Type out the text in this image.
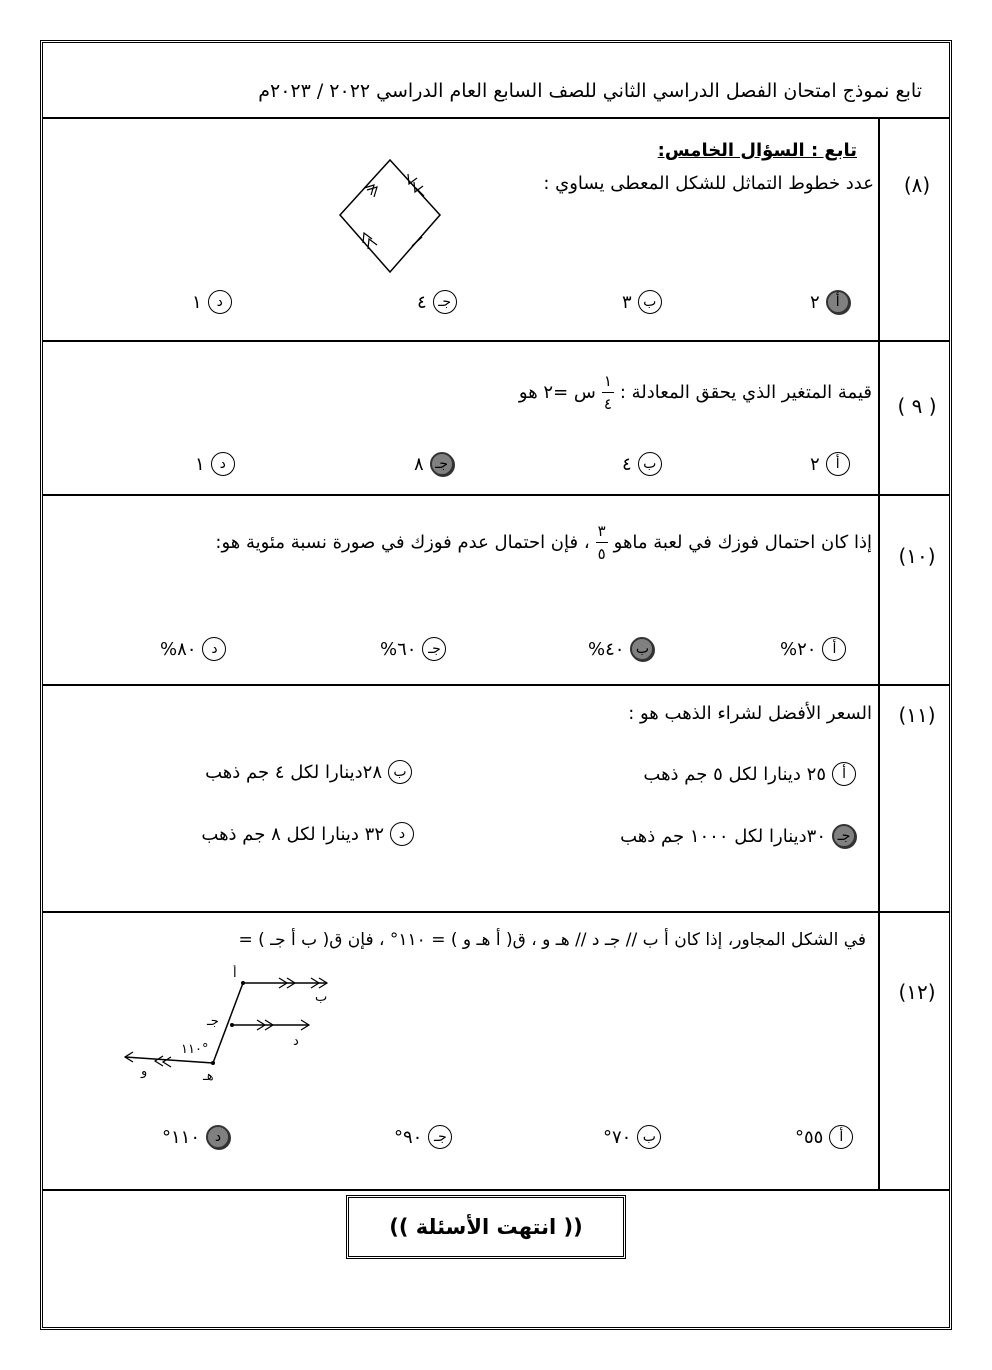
تابع نموذج امتحان الفصل الدراسي الثاني للصف السابع العام الدراسي ٢٠٢٢ / ٢٠٢٣م
تابع : السؤال الخامس:
(٨)
عدد خطوط التماثل للشكل المعطى يساوي :
أ
٢
ب
٣
جـ
٤
د
١
( ٩ )
قيمة المتغير الذي يحقق المعادلة :
$\frac{١}{٤}$
س =٢ هو
أ
٢
ب
٤
جـ
٨
د
١
(١٠)
إذا كان احتمال فوزك في لعبة ماهو
$\frac{٣}{٥}$
، فإن احتمال عدم فوزك في صورة نسبة مئوية هو:
أ
٢٠%
ب
٤٠%
جـ
٦٠%
د
٨٠%
(١١)
السعر الأفضل لشراء الذهب هو :
أ
٢٥ دينارا لكل ٥ جم ذهب
ب
٢٨دينارا لكل ٤ جم ذهب
جـ
٣٠دينارا لكل ١٠٠٠ جم ذهب
د
٣٢ دينارا لكل ٨ جم ذهب
(١٢)
في الشكل المجاور، إذا كان أ ب // جـ د // هـ و ، ق( أ هـ و ) = ١١٠° ، فإن ق( ب أ جـ ) =
أ
ب
جـ
د
هـ
و
١١٠°
أ
٥٥°
ب
٧٠°
جـ
٩٠°
د
١١٠°
(( انتهت الأسئلة ))
